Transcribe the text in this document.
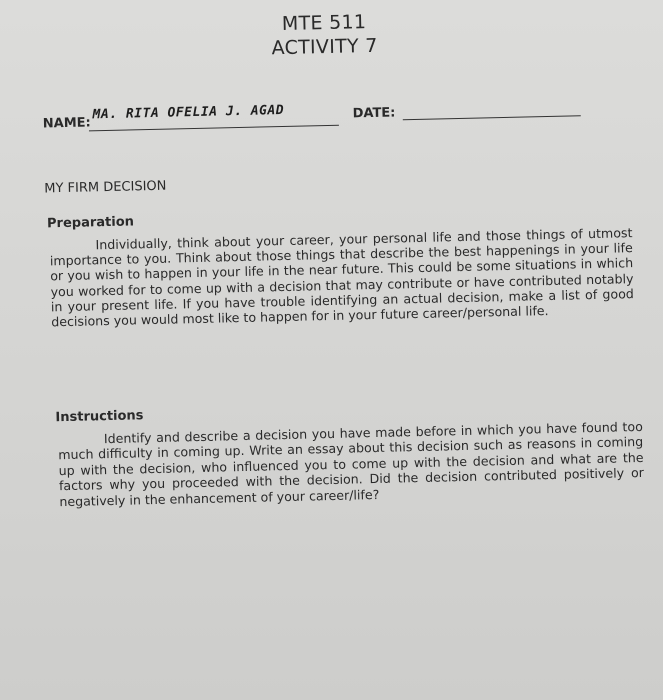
MTE 511
ACTIVITY 7
NAME:
MA. RITA OFELIA J. AGAD	DATE:
MY FIRM DECISION
Preparation
Individually, think about your career, your personal life and those things of utmost importance to you. Think about those things that describe the best happenings in your life or you wish to happen in your life in the near future. This could be some situations in which you worked for to come up with a decision that may contribute or have contributed notably in your present life. If you have trouble identifying an actual decision, make a list of good decisions you would most like to happen for in your future career/personal life.
Instructions
Identify and describe a decision you have made before in which you have found too much difficulty in coming up. Write an essay about this decision such as reasons in coming up with the decision, who influenced you to come up with the decision and what are the factors why you proceeded with the decision. Did the decision contributed positively or negatively in the enhancement of your career/life?
